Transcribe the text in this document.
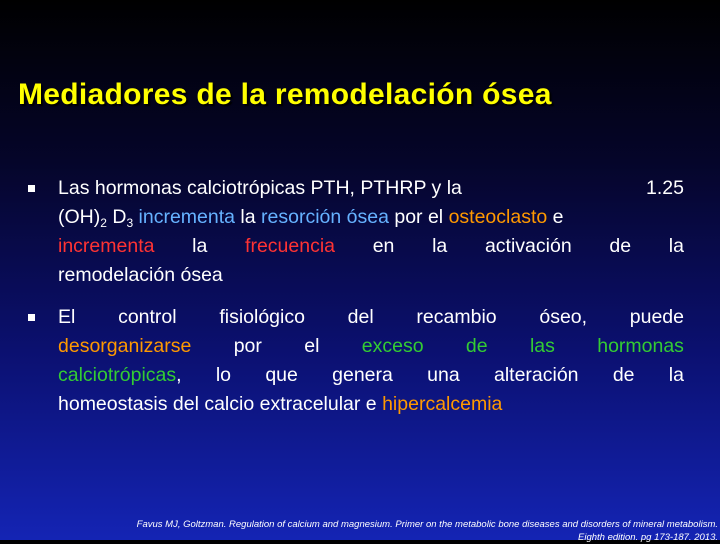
Mediadores de la remodelación ósea
Las hormonas calciotrópicas PTH, PTHRP y la	1.25
$(OH)_2$ $D_3$ incrementa la resorción ósea por el osteoclasto e
incrementa la frecuencia en la activación de la
remodelación ósea
El control fisiológico del recambio óseo, puede
desorganizarse por el exceso de las hormonas
calciotrópicas, lo que genera una alteración de la
homeostasis del calcio extracelular e hipercalcemia
Favus MJ, Goltzman. Regulation of calcium and magnesium. Primer on the metabolic bone diseases and disorders of mineral metabolism.
Eighth edition. pg 173-187. 2013.
